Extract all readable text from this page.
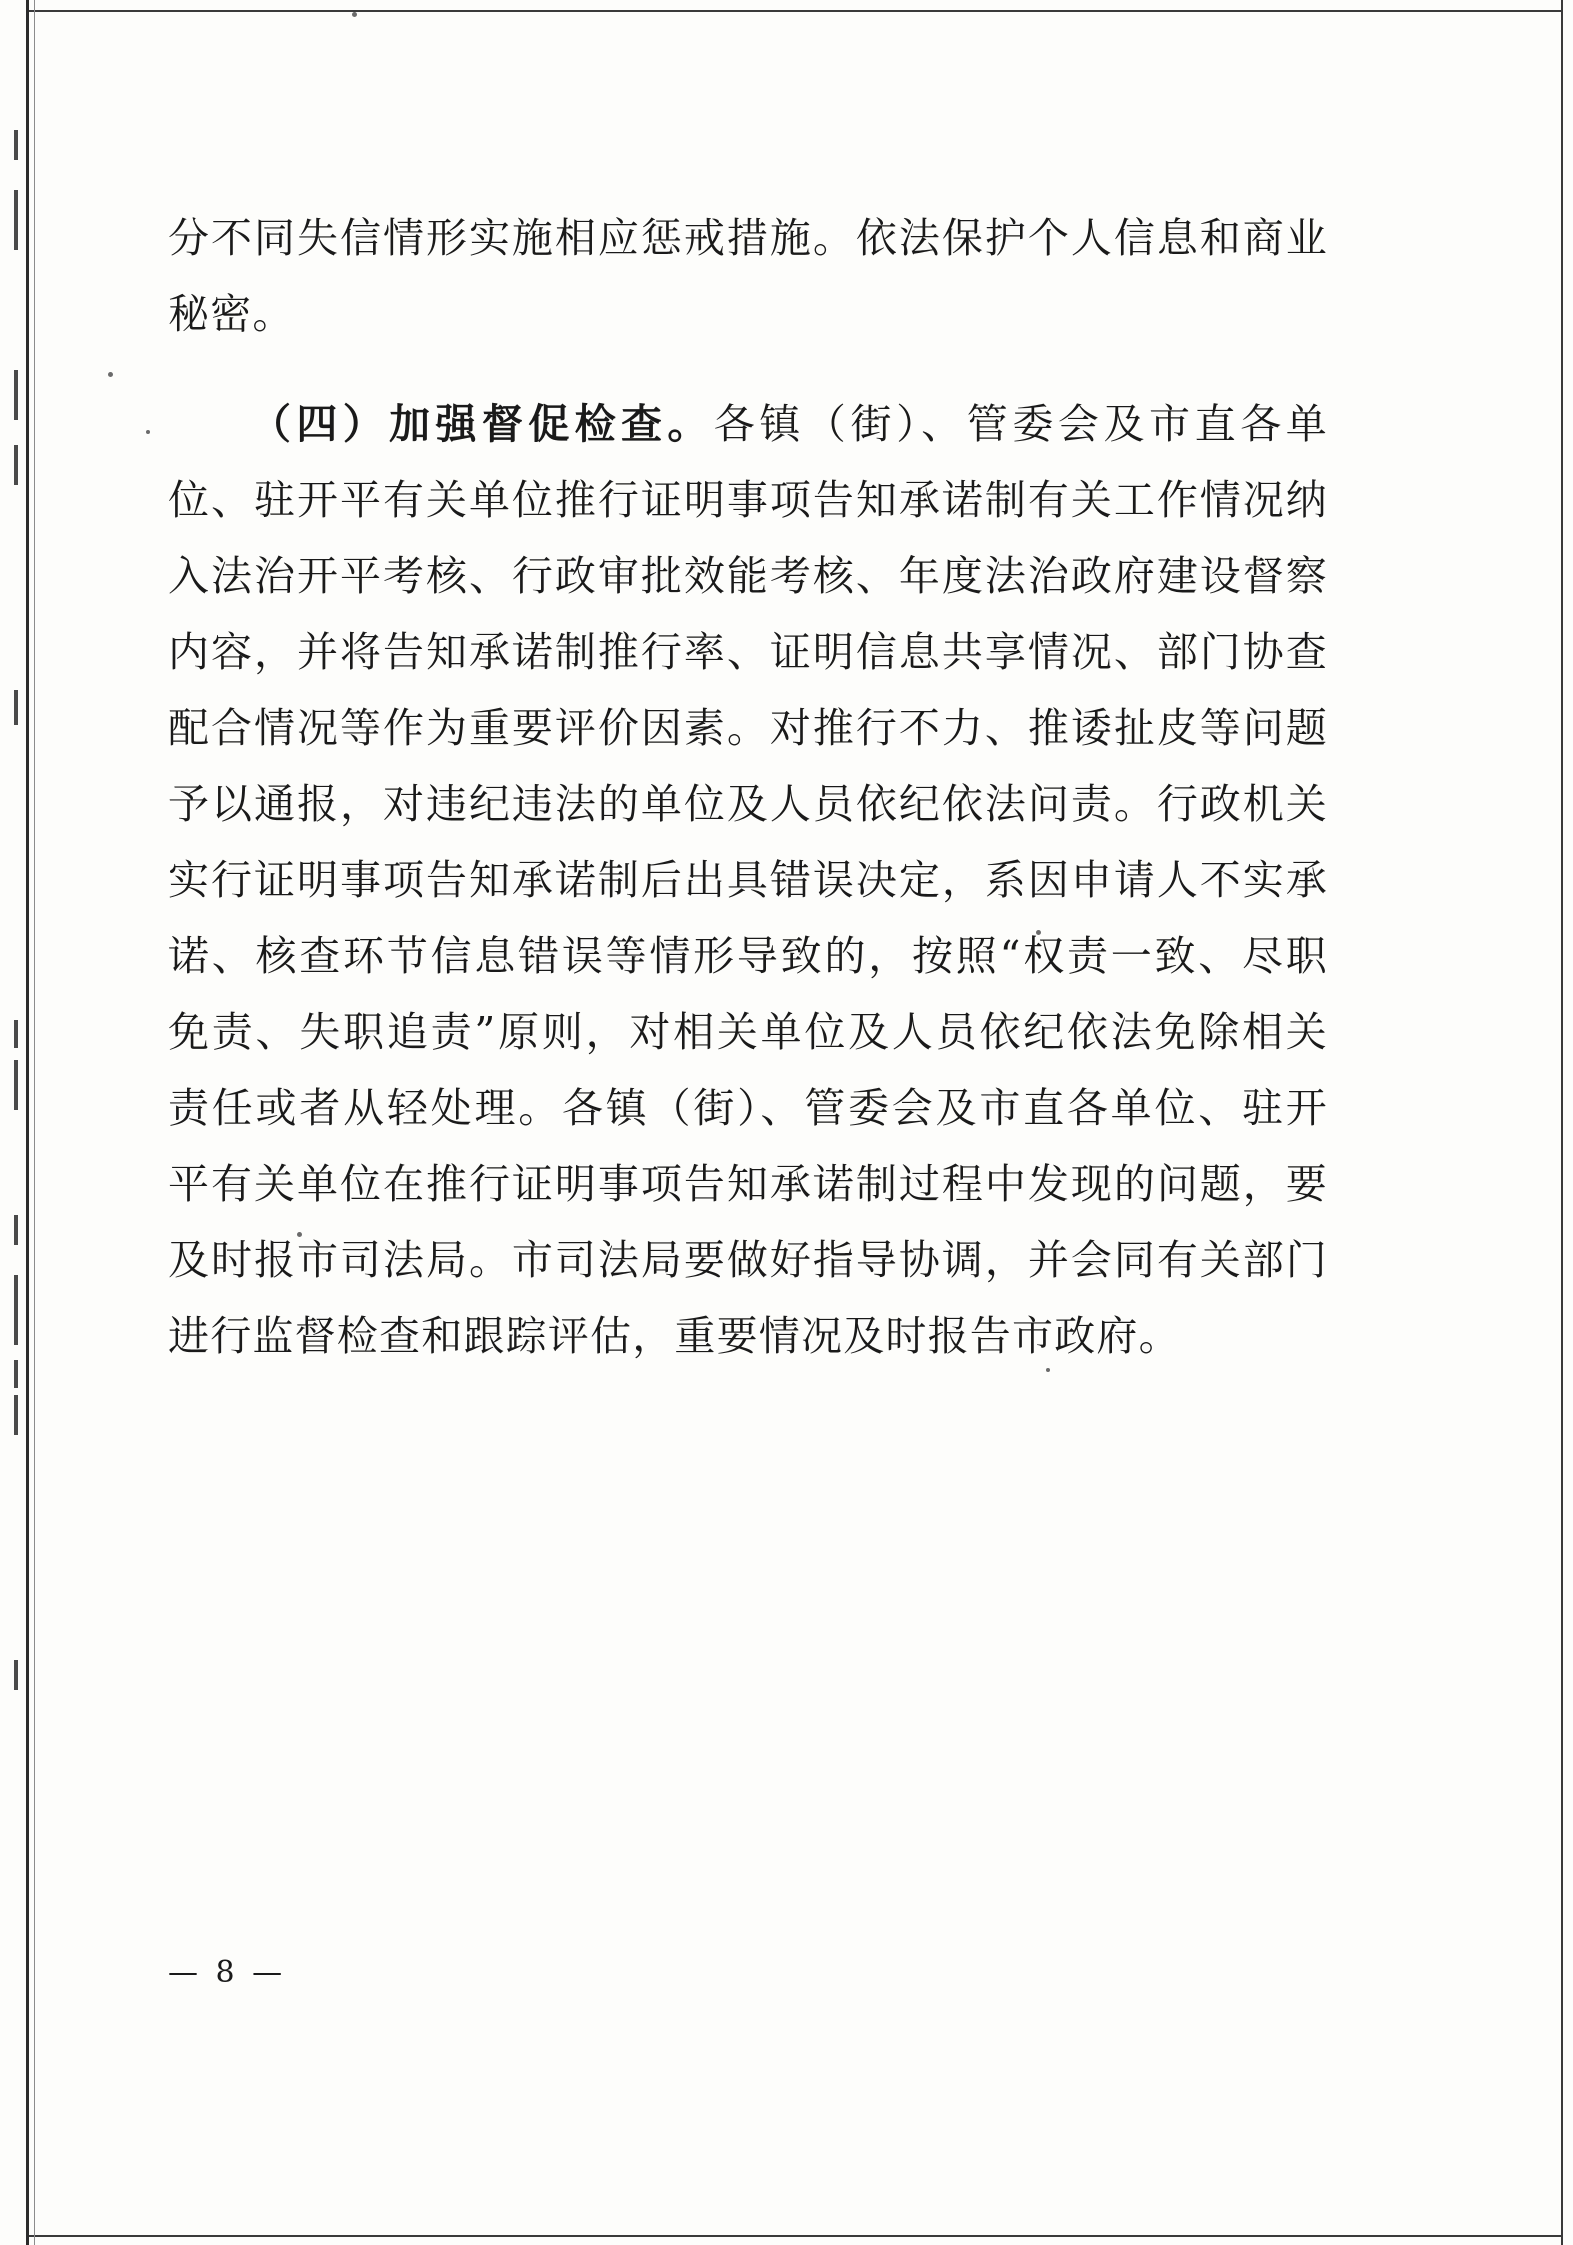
分不同失信情形实施相应惩戒措施。依法保护个人信息和商业秘密。

（四）加强督促检查。各镇（街）、管委会及市直各单位、驻开平有关单位推行证明事项告知承诺制有关工作情况纳入法治开平考核、行政审批效能考核、年度法治政府建设督察内容，并将告知承诺制推行率、证明信息共享情况、部门协查配合情况等作为重要评价因素。对推行不力、推诿扯皮等问题予以通报，对违纪违法的单位及人员依纪依法问责。行政机关实行证明事项告知承诺制后出具错误决定，系因申请人不实承诺、核查环节信息错误等情形导致的，按照“权责一致、尽职免责、失职追责”原则，对相关单位及人员依纪依法免除相关责任或者从轻处理。各镇（街）、管委会及市直各单位、驻开平有关单位在推行证明事项告知承诺制过程中发现的问题，要及时报市司法局。市司法局要做好指导协调，并会同有关部门进行监督检查和跟踪评估，重要情况及时报告市政府。

— 8 —
